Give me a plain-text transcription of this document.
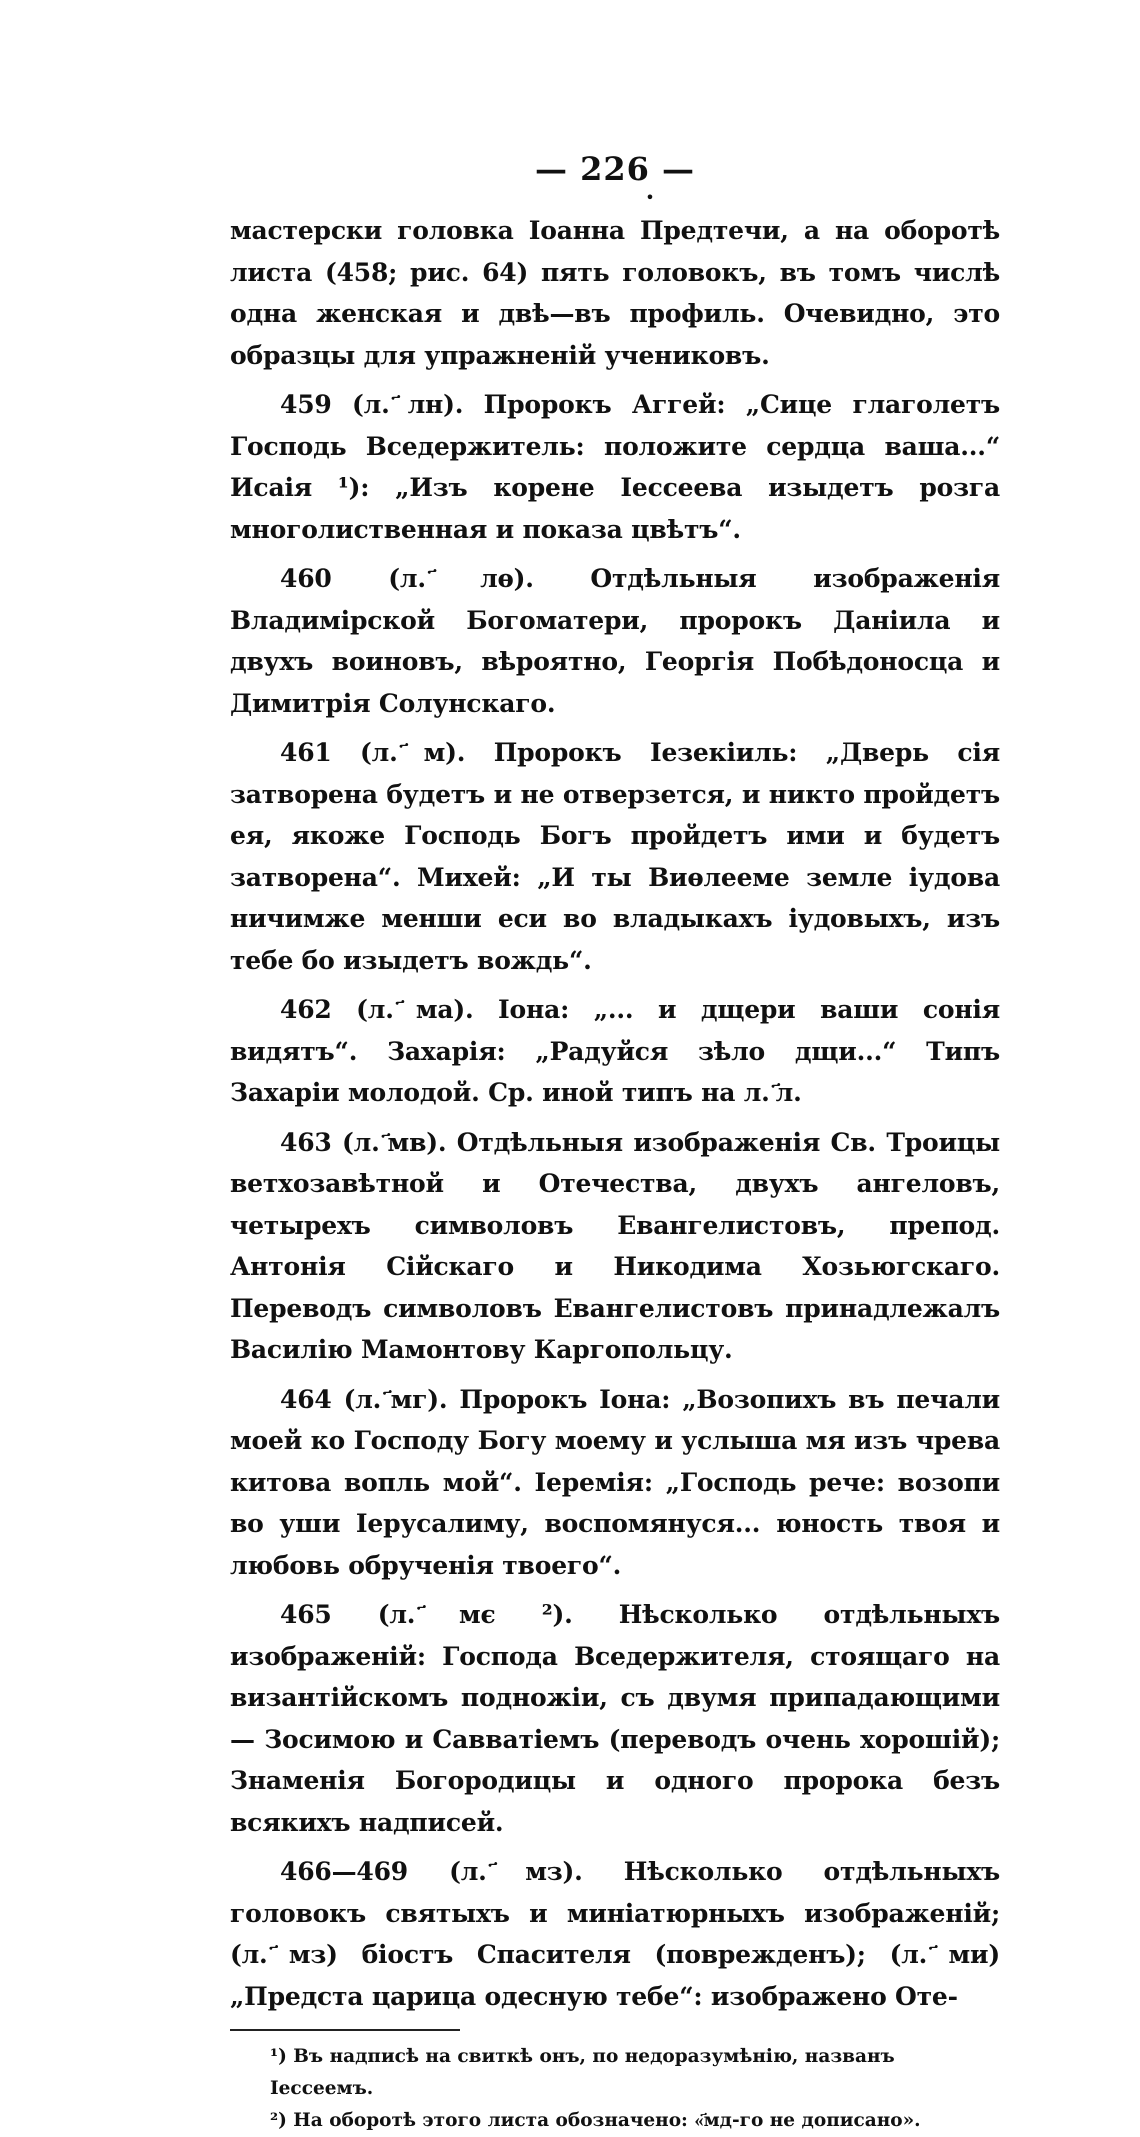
— 226 —
•

мастерски головка Іоанна Предтечи, а на оборотѣ листа (458; рис. 64) пять головокъ, въ томъ числѣ одна женская и двѣ—въ профиль. Очевидно, это образцы для упражненій учениковъ.

459 (л. ҃лн). Пророкъ Аггей: „Сице глаголетъ Господь Вседержитель: положите сердца ваша...“ Исаія ¹): „Изъ корене Іессеева изыдетъ розга многолиственная и показа цвѣтъ“.

460 (л. ҃лѳ). Отдѣльныя изображенія Владимірской Богоматери, пророкъ Даніила и двухъ воиновъ, вѣроятно, Георгія Побѣдоносца и Димитрія Солунскаго.

461 (л. ҃м). Пророкъ Іезекіиль: „Дверь сія затворена будетъ и не отверзется, и никто пройдетъ ея, якоже Господь Богъ пройдетъ ими и будетъ затворена“. Михей: „И ты Виѳлееме земле іудова ничимже менши еси во владыкахъ іудовыхъ, изъ тебе бо изыдетъ вождь“.

462 (л. ҃ма). Іона: „... и дщери ваши сонія видятъ“. Захарія: „Радуйся зѣло дщи...“ Типъ Захаріи молодой. Ср. иной типъ на л. ҃л.

463 (л. ҃мв). Отдѣльныя изображенія Св. Троицы ветхозавѣтной и Отечества, двухъ ангеловъ, четырехъ символовъ Евангелистовъ, препод. Антонія Сійскаго и Никодима Хозьюгскаго. Переводъ символовъ Евангелистовъ принадлежалъ Василію Мамонтову Каргопольцу.

464 (л. ҃мг). Пророкъ Іона: „Возопихъ въ печали моей ко Господу Богу моему и услыша мя изъ чрева китова вопль мой“. Іеремія: „Господь рече: возопи во уши Іерусалиму, воспомянуся... юность твоя и любовь обрученія твоего“.

465 (л. ҃мє ²). Нѣсколько отдѣльныхъ изображеній: Господа Вседержителя, стоящаго на византійскомъ подножіи, съ двумя припадающими — Зосимою и Савватіемъ (переводъ очень хорошій); Знаменія Богородицы и одного пророка безъ всякихъ надписей.

466—469 (л. ҃мз). Нѣсколько отдѣльныхъ головокъ святыхъ и миніатюрныхъ изображеній; (л. ҃мз) біостъ Спасителя (поврежденъ); (л. ҃ми) „Предста царица одесную тебе“: изображено Оте-

¹) Въ надписѣ на свиткѣ онъ, по недоразумѣнію, названъ Іессеемъ.
²) На оборотѣ этого листа обозначено: «҃мд-го не дописано».
